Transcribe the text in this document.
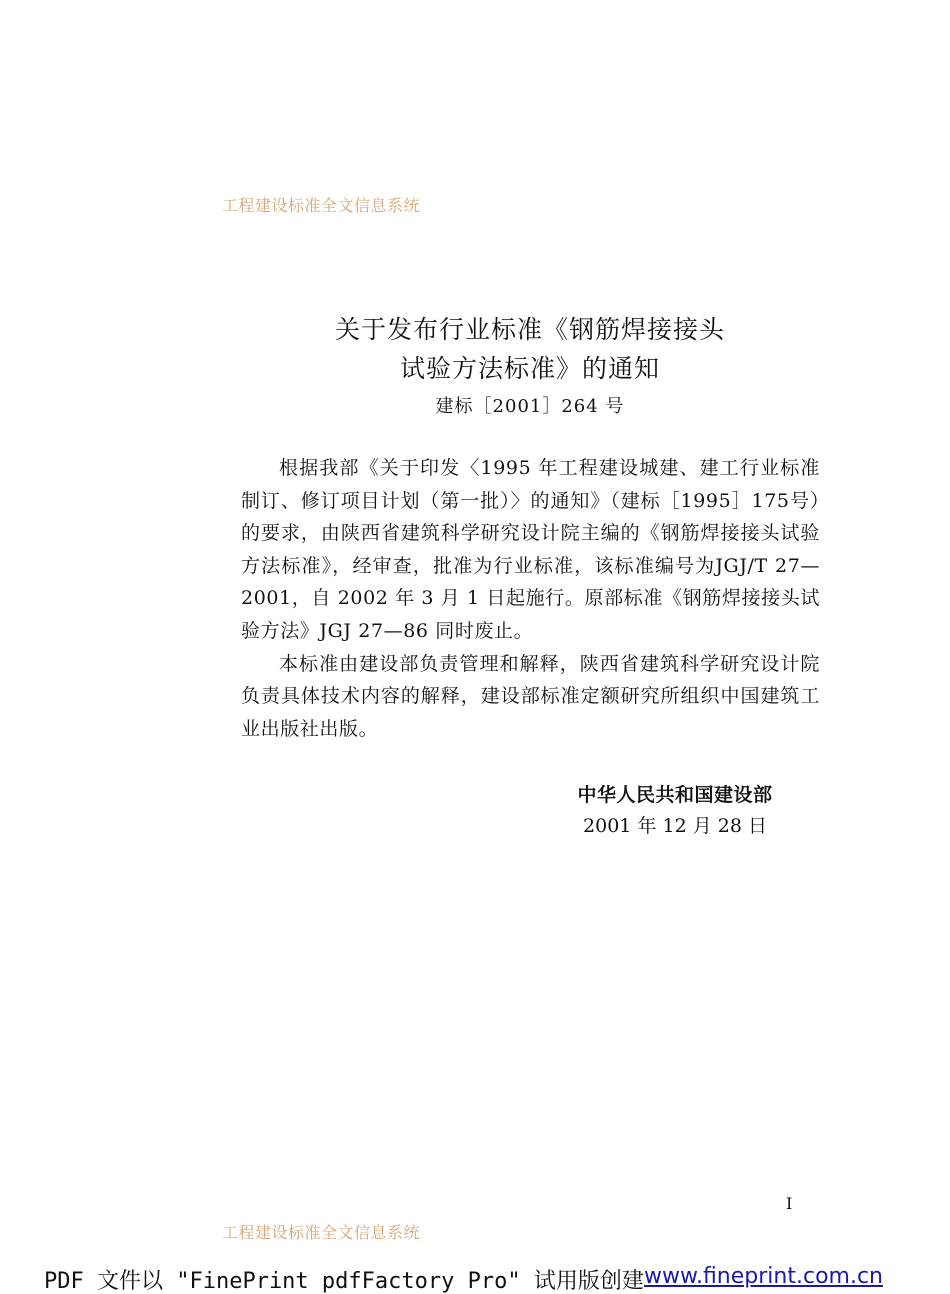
工程建设标准全文信息系统
关于发布行业标准《钢筋焊接接头
试验方法标准》的通知
建标［2001］264 号

根据我部《关于印发〈1995 年工程建设城建、建工行业标准制订、修订项目计划（第一批）〉的通知》（建标［1995］175号）的要求，由陕西省建筑科学研究设计院主编的《钢筋焊接接头试验方法标准》，经审查，批准为行业标准，该标准编号为JGJ/T 27—2001，自 2002 年 3 月 1 日起施行。原部标准《钢筋焊接接头试验方法》JGJ 27—86 同时废止。

本标准由建设部负责管理和解释，陕西省建筑科学研究设计院负责具体技术内容的解释，建设部标准定额研究所组织中国建筑工业出版社出版。

中华人民共和国建设部
2001 年 12 月 28 日
I
工程建设标准全文信息系统
PDF 文件以 "FinePrint pdfFactory Pro" 试用版创建 www.fineprint.com.cn
